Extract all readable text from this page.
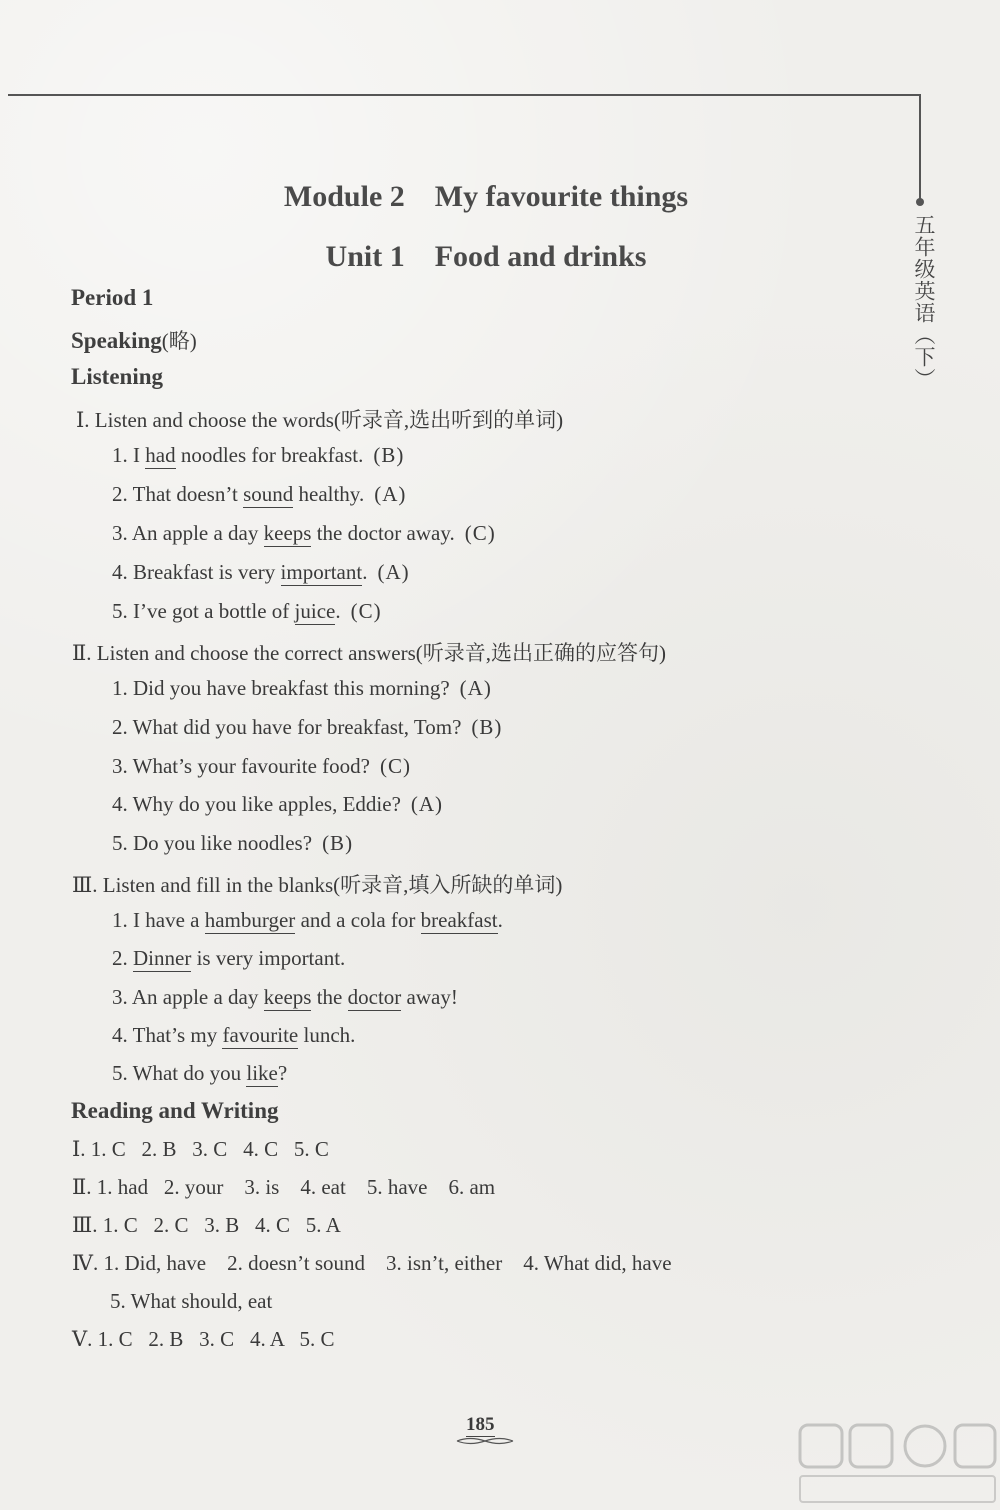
五年级英语（下）
Module 2    My favourite things
Unit 1    Food and drinks
Period 1
Speaking(略)
Listening
Ⅰ. Listen and choose the words(听录音,选出听到的单词)
1. I had noodles for breakfast. (B)
2. That doesn’t sound healthy. (A)
3. An apple a day keeps the doctor away. (C)
4. Breakfast is very important. (A)
5. I’ve got a bottle of juice. (C)
Ⅱ. Listen and choose the correct answers(听录音,选出正确的应答句)
1. Did you have breakfast this morning? (A)
2. What did you have for breakfast, Tom? (B)
3. What’s your favourite food? (C)
4. Why do you like apples, Eddie? (A)
5. Do you like noodles? (B)
Ⅲ. Listen and fill in the blanks(听录音,填入所缺的单词)
1. I have a hamburger and a cola for breakfast.
2. Dinner is very important.
3. An apple a day keeps the doctor away!
4. That’s my favourite lunch.
5. What do you like?
Reading and Writing
Ⅰ. 1. C   2. B   3. C   4. C   5. C
Ⅱ. 1. had   2. your    3. is    4. eat    5. have    6. am
Ⅲ. 1. C   2. C   3. B   4. C   5. A
Ⅳ. 1. Did, have    2. doesn’t sound    3. isn’t, either    4. What did, have
5. What should, eat
Ⅴ. 1. C   2. B   3. C   4. A   5. C
185
